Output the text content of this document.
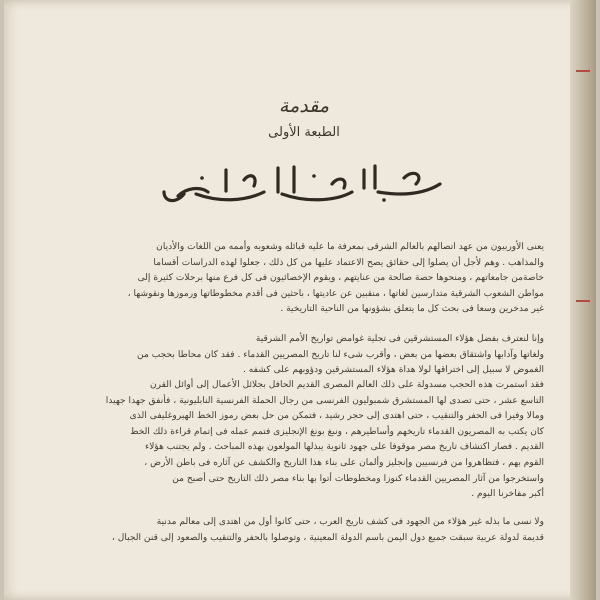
مقدمة
الطبعة الأولى
يعنى الأوربيون من عهد اتصالهم بالعالم الشرقى بمعرفة ما عليه قبائله وشعوبه وأممه من اللغات والأديان
والمذاهب . وهم لأجل أن يصلوا إلى حقائق يصح الاعتماد عليها من كل ذلك ، جعلوا لهذه الدراسات أقساما
خاصةمن جامعاتهم ، ومنحوها حصة صالحة من عنايتهم ، ويقوم الإخصائيون فى كل فرع منها برحلات كثيرة إلى
مواطن الشعوب الشرقية متدارسين لغاتها ، منقبين عن عاديتها ، باحثين فى أقدم مخطوطاتها ورموزها ونقوشها ،
غير مدخرين وسعا فى بحث كل ما يتعلق بشؤونها من الناحية التاريخية .
وإنا لنعترف بفضل هؤلاء المستشرقين فى تجلية غوامض تواريخ الأمم الشرقية
ولغاتها وآدابها واشتقاق بعضها من بعض ، وأقرب شىء لنا تاريخ المصريين القدماء . فقد كان محاطا بحجب من
الغموض لا سبيل إلى اختراقها لولا هداة هؤلاء المستشرقين ودؤوبهم على كشفه .
فقد استمرت هذه الحجب مسدولة على ذلك العالم المصرى القديم الحافل بجلائل الأعمال إلى أوائل القرن
التاسع عشر ، حتى تصدى لها المستشرق شمبوليون الفرنسى من رجال الحملة الفرنسية النابليونية ، فأنفق جهدا جهيدا
ومالا وفيرا فى الحفر والتنقيب ، حتى اهتدى إلى حجر رشيد ، فتمكن من حل بعض رموز الخط الهيروغليفى الذى
كان يكتب به المصريون القدماء تاريخهم وأساطيرهم ، ونبغ بونغ الإنجليزى فتمم عمله فى إتمام قراءة ذلك الخط
القديم . فصار اكتشاف تاريخ مصر موقوفا على جهود ثانوية يبذلها المولعون بهذه المباحث . ولم يجتنب هؤلاء
القوم بهم ، فتظاهروا من فرنسيين وإنجليز وألمان على بناء هذا التاريخ والكشف عن آثاره فى باطن الأرض ،
واستخرجوا من آثار المصريين القدماء كنوزا ومخطوطات أتوا بها بناء مصر ذلك التاريخ حتى أصبح من
أكبر مفاخرنا اليوم .
ولا نسى ما بذله غير هؤلاء من الجهود فى كشف تاريخ العرب ، حتى كانوا أول من اهتدى إلى معالم مدنية
قديمة لدولة عربية سبقت جميع دول اليمن باسم الدولة المعينية ، وتوصلوا بالحفر والتنقيب والصعود إلى قنن الجبال ،
